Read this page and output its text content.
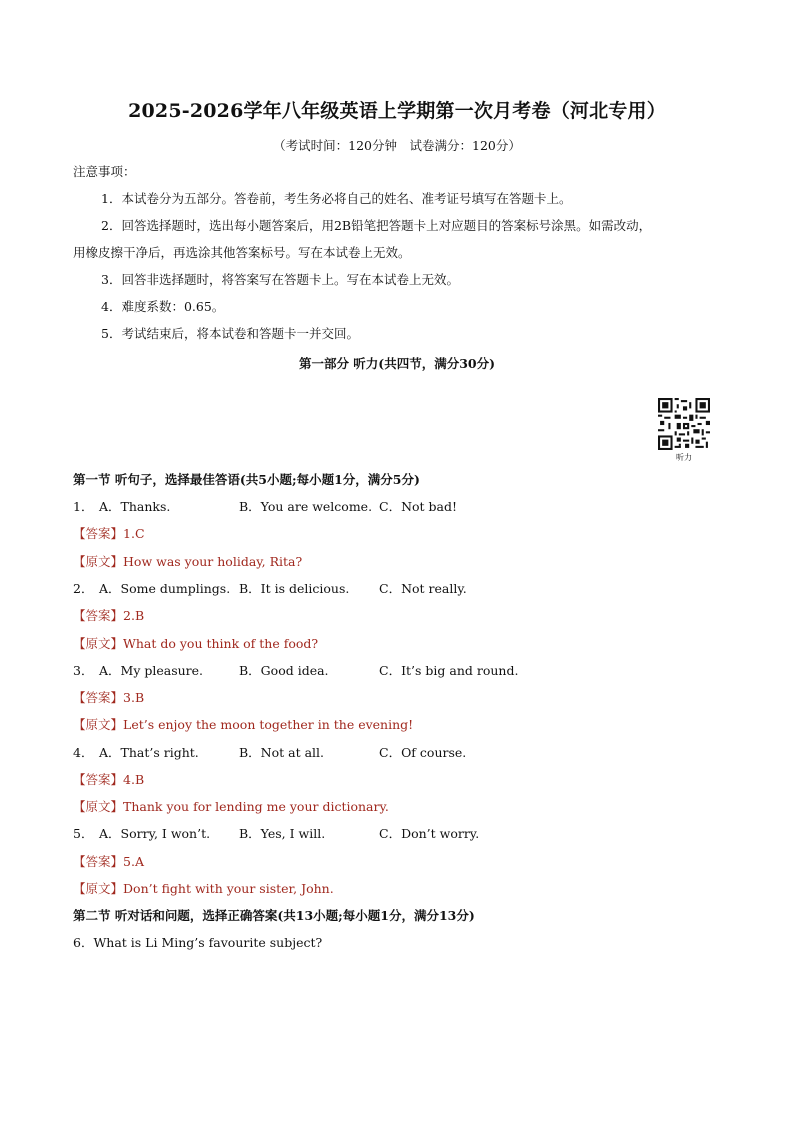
2025-2026学年八年级英语上学期第一次月考卷（河北专用）
（考试时间：120分钟　试卷满分：120分）
注意事项：
1．本试卷分为五部分。答卷前，考生务必将自己的姓名、准考证号填写在答题卡上。
2．回答选择题时，选出每小题答案后，用2B铅笔把答题卡上对应题目的答案标号涂黑。如需改动，
用橡皮擦干净后，再选涂其他答案标号。写在本试卷上无效。
3．回答非选择题时，将答案写在答题卡上。写在本试卷上无效。
4．难度系数：0.65。
5．考试结束后，将本试卷和答题卡一并交回。
第一部分 听力(共四节，满分30分)
听力
第一节 听句子，选择最佳答语(共5小题;每小题1分，满分5分)
1． A．Thanks.	B．You are welcome. C．Not bad!
【答案】1.C
【原文】How was your holiday, Rita?
2． A．Some dumplings. B．It is delicious. C．Not really.
【答案】2.B
【原文】What do you think of the food?
3． A．My pleasure.	B．Good idea.	C．It’s big and round.
【答案】3.B
【原文】Let’s enjoy the moon together in the evening!
4． A．That’s right.	B．Not at all.	C．Of course.
【答案】4.B
【原文】Thank you for lending me your dictionary.
5． A．Sorry, I won’t. B．Yes, I will.	C．Don’t worry.
【答案】5.A
【原文】Don’t fight with your sister, John.
第二节 听对话和问题，选择正确答案(共13小题;每小题1分，满分13分)
6．What is Li Ming’s favourite subject?
